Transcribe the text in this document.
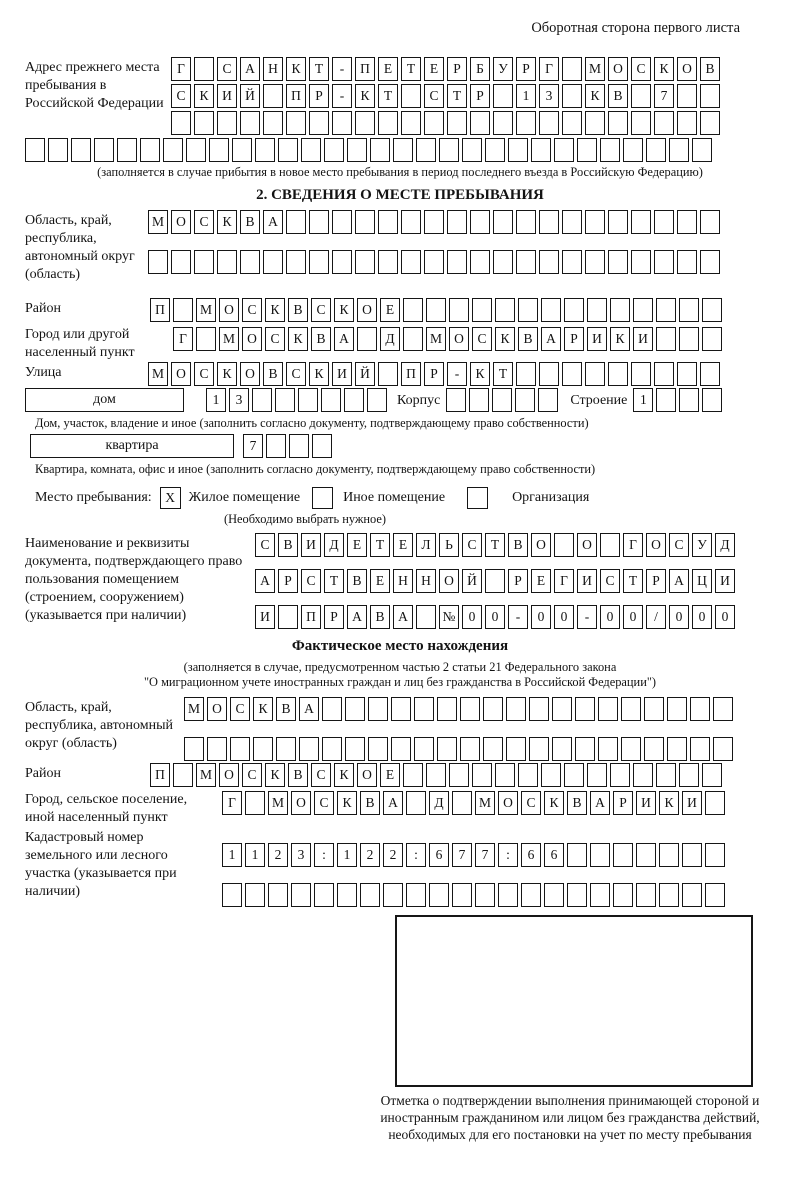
Оборотная сторона первого листа
Адрес прежнего места пребывания в Российской Федерации
Г	С	А Н	К	Т	-	П	Е	Т	Е	Р	Б	У	Р	Г	М О	С	К	О	В
С	К	И Й	П	Р	-	К	Т	С	Т	Р	1	3	К	В	7
(заполняется в случае прибытия в новое место пребывания в период последнего въезда в Российскую Федерацию)
2. СВЕДЕНИЯ О МЕСТЕ ПРЕБЫВАНИЯ
Область, край, республика, автономный округ (область)
М О	С	К	В	А
Район	П	М О	С	К	В	С	К	О	Е
Город или другой населенный пункт
Г	М О	С	К	В	А	Д	М О	С	К	В	А	Р	И	К	И
Улица	М О	С	К	О	В	С	К	И Й	П	Р	-	К	Т
дом	1	3	Корпус	Строение 1
Дом, участок, владение и иное (заполнить согласно документу, подтверждающему право собственности)
квартира	7
Квартира, комната, офис и иное (заполнить согласно документу, подтверждающему право собственности)
Место пребывания:	X Жилое помещение	Иное помещение	Организация
(Необходимо выбрать нужное)
Наименование и реквизиты документа, подтверждающего право пользования помещением (строением, сооружением) (указывается при наличии)
С	В	И	Д	Е	Т	Е	Л	Ь	С	Т	В	О	О	Г	О	С	У	Д
А	Р	С	Т	В	Е	Н Н О Й	Р	Е	Г	И	С	Т	Р	А Ц И
И	П	Р	А	В	А	№ 0	0	-	0	0	-	0	0	/	0	0	0
Фактическое место нахождения
(заполняется в случае, предусмотренном частью 2 статьи 21 Федерального закона
"О миграционном учете иностранных граждан и лиц без гражданства в Российской Федерации")
Область, край, республика, автономный округ (область)
М О	С	К	В	А
Район	П	М О	С	К	В	С	К	О	Е
Город, сельское поселение, иной населенный пункт
Г	М О	С	К	В	А	Д	М О	С	К	В	А	Р	И	К	И
Кадастровый номер земельного или лесного участка (указывается при наличии)
1	1	2	3	:	1	2	2	:	6	7	7	:	6	6
Отметка о подтверждении выполнения принимающей стороной и иностранным гражданином или лицом без гражданства действий, необходимых для его постановки на учет по месту пребывания
